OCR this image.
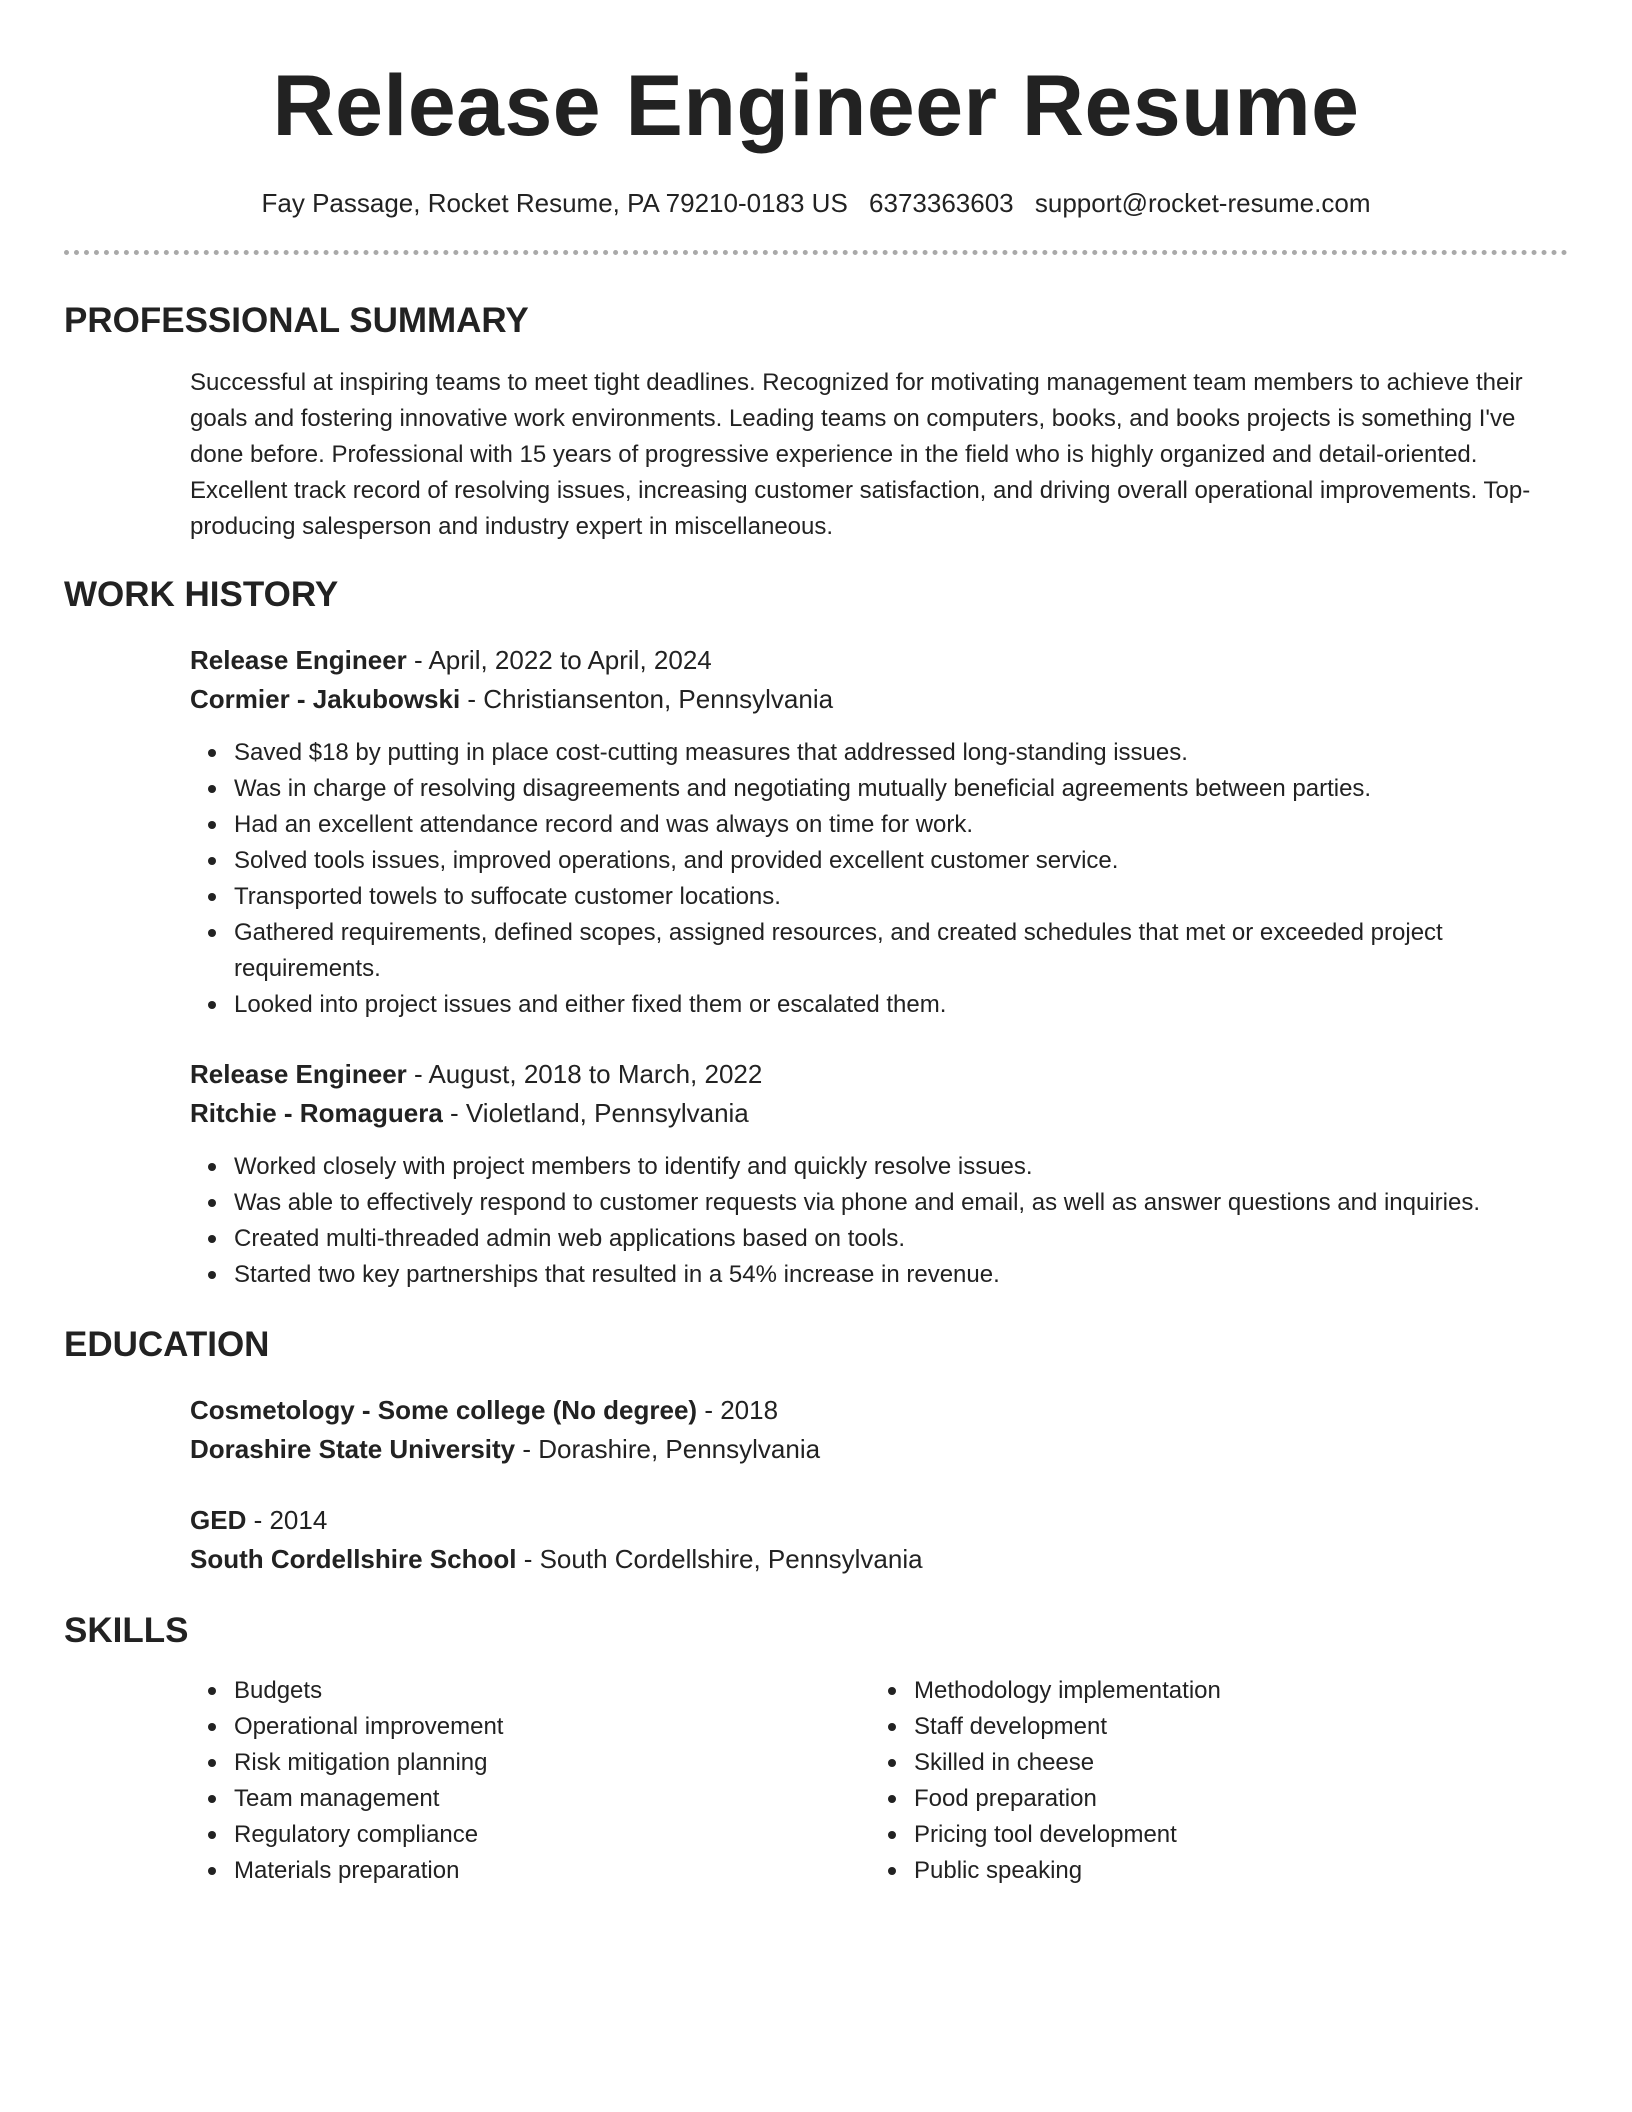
Release Engineer Resume
Fay Passage, Rocket Resume, PA 79210-0183 US 6373363603 support@rocket-resume.com
PROFESSIONAL SUMMARY

Successful at inspiring teams to meet tight deadlines. Recognized for motivating management team members to achieve their goals and fostering innovative work environments. Leading teams on computers, books, and books projects is something I've done before. Professional with 15 years of progressive experience in the field who is highly organized and detail-oriented. Excellent track record of resolving issues, increasing customer satisfaction, and driving overall operational improvements. Top-producing salesperson and industry expert in miscellaneous.

WORK HISTORY
Release Engineer - April, 2022 to April, 2024
Cormier - Jakubowski - Christiansenton, Pennsylvania
Saved $18 by putting in place cost-cutting measures that addressed long-standing issues.
Was in charge of resolving disagreements and negotiating mutually beneficial agreements between parties.
Had an excellent attendance record and was always on time for work.
Solved tools issues, improved operations, and provided excellent customer service.
Transported towels to suffocate customer locations.
Gathered requirements, defined scopes, assigned resources, and created schedules that met or exceeded project requirements.
Looked into project issues and either fixed them or escalated them.
Release Engineer - August, 2018 to March, 2022
Ritchie - Romaguera - Violetland, Pennsylvania
Worked closely with project members to identify and quickly resolve issues.
Was able to effectively respond to customer requests via phone and email, as well as answer questions and inquiries.
Created multi-threaded admin web applications based on tools.
Started two key partnerships that resulted in a 54% increase in revenue.
EDUCATION
Cosmetology - Some college (No degree) - 2018
Dorashire State University - Dorashire, Pennsylvania
GED - 2014
South Cordellshire School - South Cordellshire, Pennsylvania
SKILLS
Budgets
Operational improvement
Risk mitigation planning
Team management
Regulatory compliance
Materials preparation
Methodology implementation
Staff development
Skilled in cheese
Food preparation
Pricing tool development
Public speaking
